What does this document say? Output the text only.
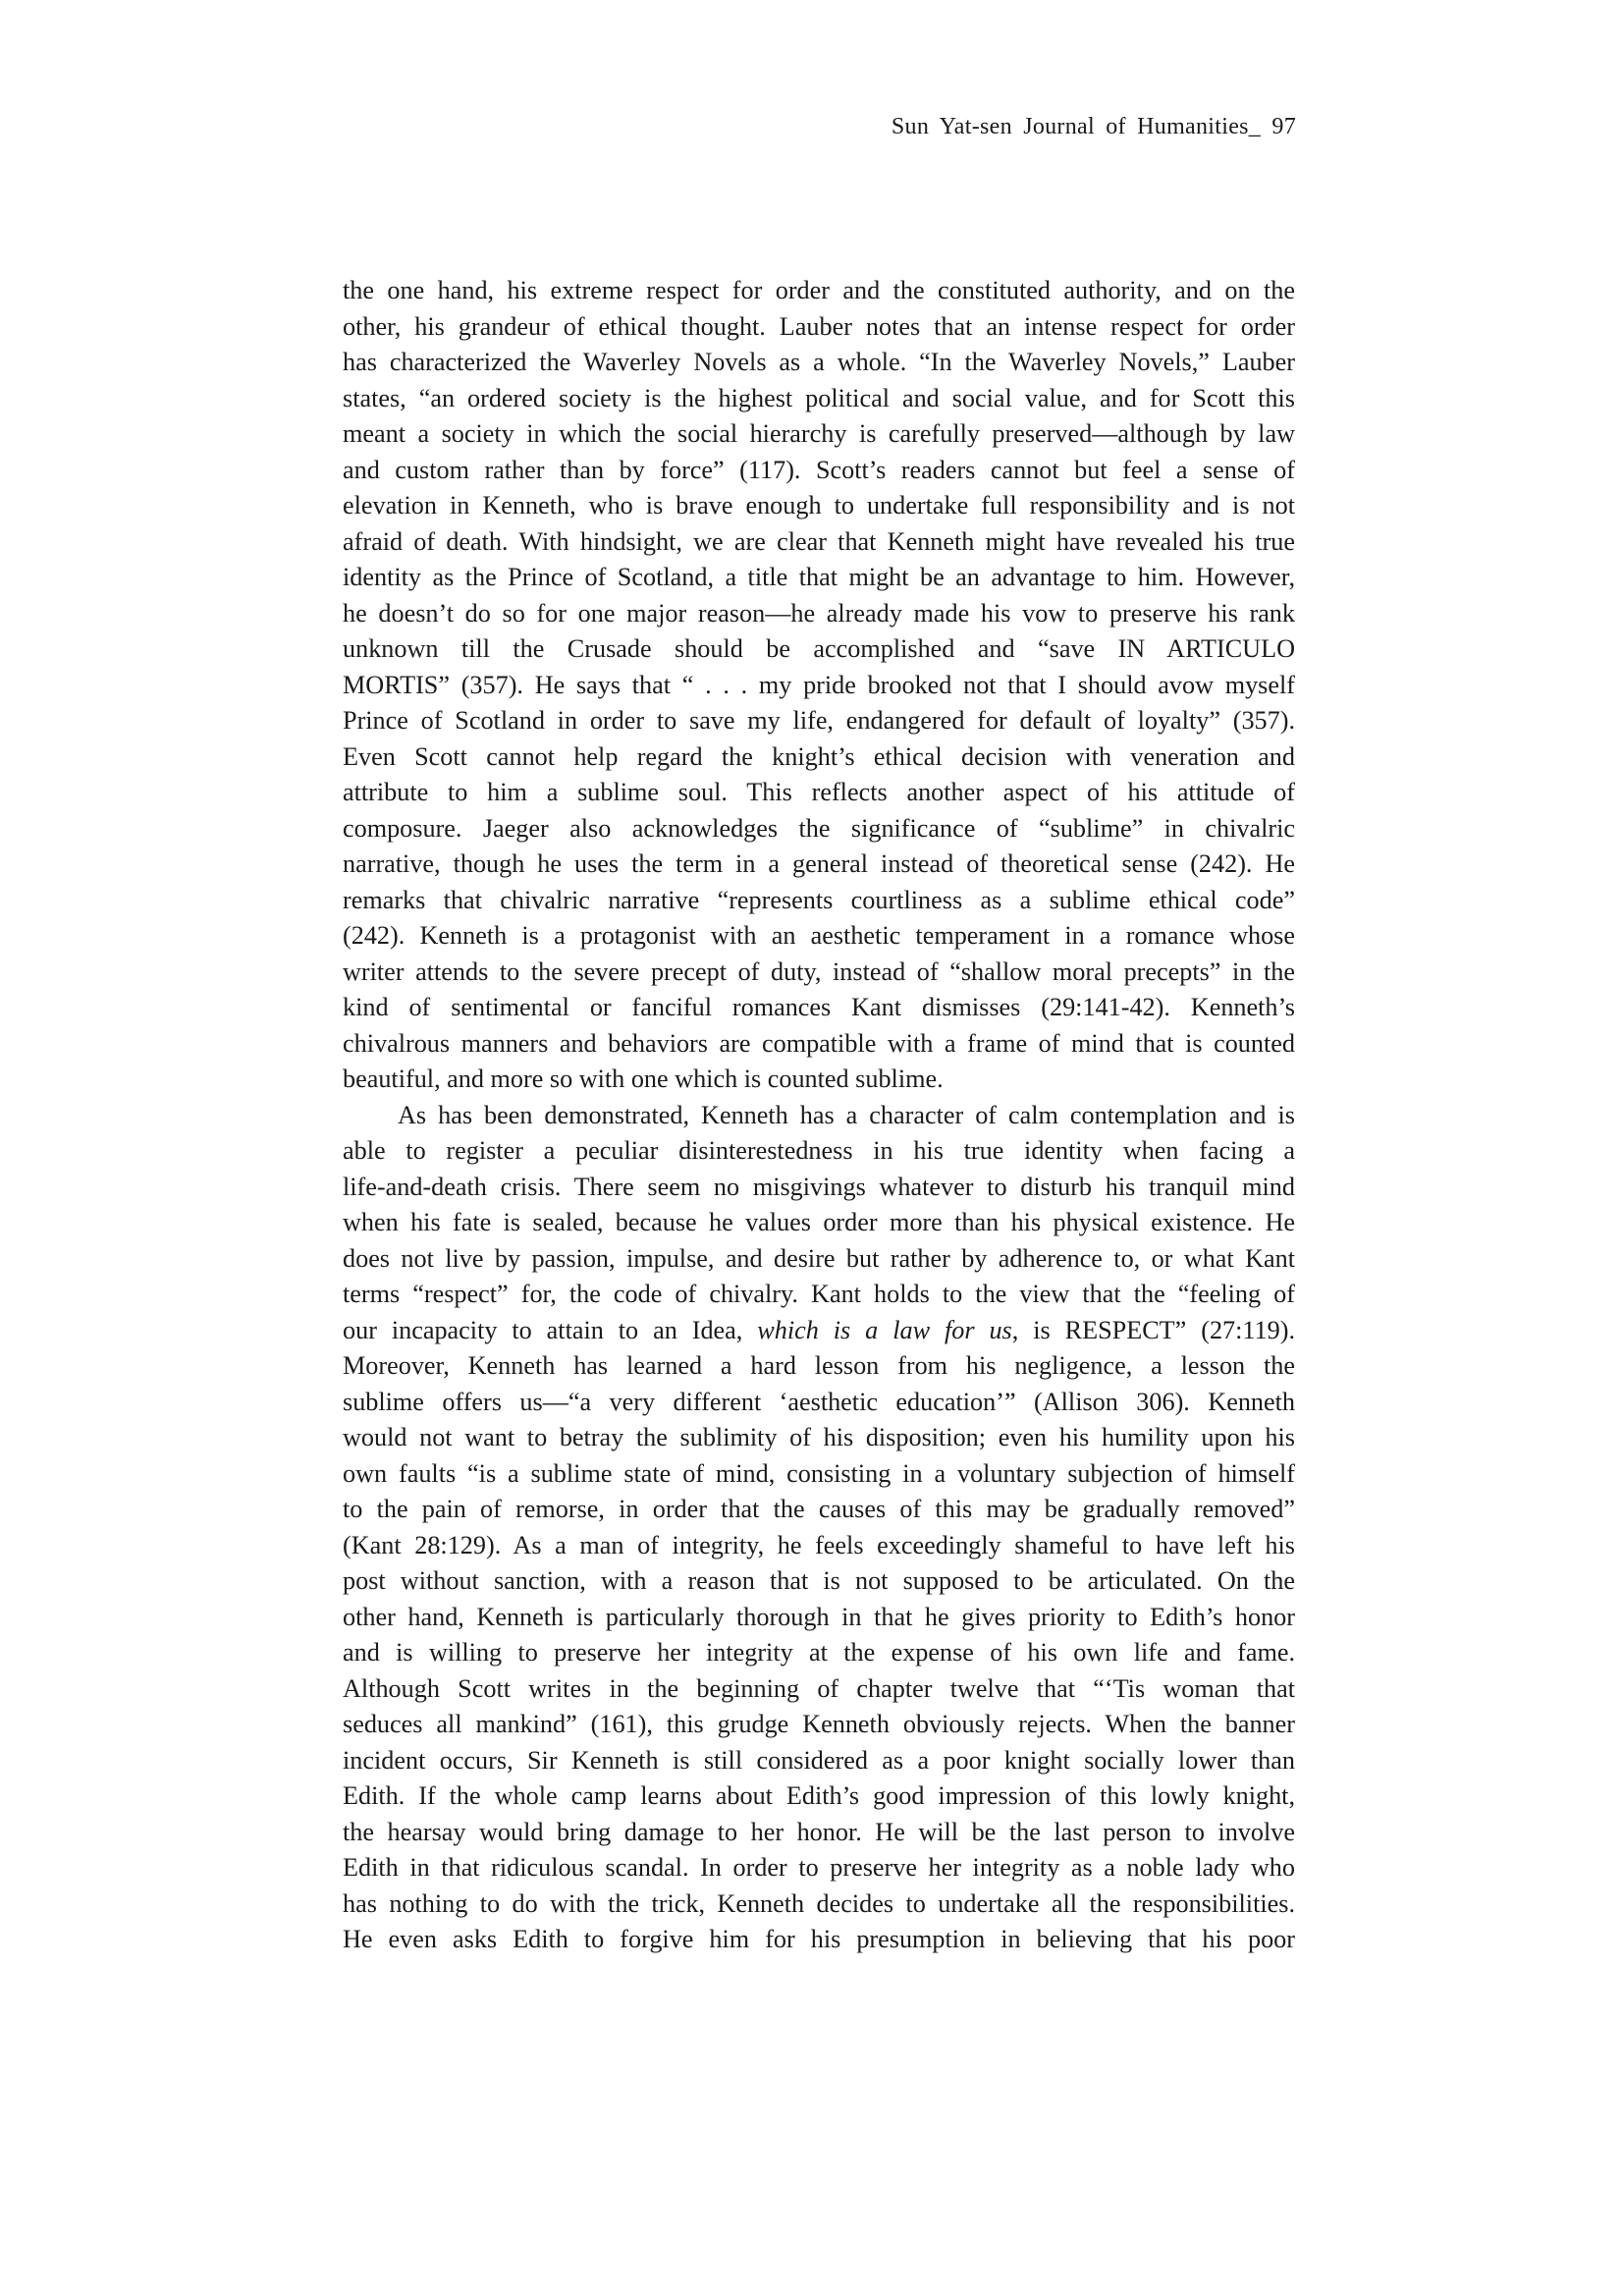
Sun Yat-sen Journal of Humanities_ 97

the one hand, his extreme respect for order and the constituted authority, and on the

other, his grandeur of ethical thought. Lauber notes that an intense respect for order

has characterized the Waverley Novels as a whole. “In the Waverley Novels,” Lauber

states, “an ordered society is the highest political and social value, and for Scott this

meant a society in which the social hierarchy is carefully preserved—although by law

and custom rather than by force” (117). Scott’s readers cannot but feel a sense of

elevation in Kenneth, who is brave enough to undertake full responsibility and is not

afraid of death. With hindsight, we are clear that Kenneth might have revealed his true

identity as the Prince of Scotland, a title that might be an advantage to him. However,

he doesn’t do so for one major reason—he already made his vow to preserve his rank

unknown till the Crusade should be accomplished and “save IN ARTICULO

MORTIS” (357). He says that “ . . . my pride brooked not that I should avow myself

Prince of Scotland in order to save my life, endangered for default of loyalty” (357).

Even Scott cannot help regard the knight’s ethical decision with veneration and

attribute to him a sublime soul. This reflects another aspect of his attitude of

composure. Jaeger also acknowledges the significance of “sublime” in chivalric

narrative, though he uses the term in a general instead of theoretical sense (242). He

remarks that chivalric narrative “represents courtliness as a sublime ethical code”

(242). Kenneth is a protagonist with an aesthetic temperament in a romance whose

writer attends to the severe precept of duty, instead of “shallow moral precepts” in the

kind of sentimental or fanciful romances Kant dismisses (29:141-42). Kenneth’s

chivalrous manners and behaviors are compatible with a frame of mind that is counted

beautiful, and more so with one which is counted sublime.

As has been demonstrated, Kenneth has a character of calm contemplation and is

able to register a peculiar disinterestedness in his true identity when facing a

life-and-death crisis. There seem no misgivings whatever to disturb his tranquil mind

when his fate is sealed, because he values order more than his physical existence. He

does not live by passion, impulse, and desire but rather by adherence to, or what Kant

terms “respect” for, the code of chivalry. Kant holds to the view that the “feeling of

our incapacity to attain to an Idea, which is a law for us, is RESPECT” (27:119).

Moreover, Kenneth has learned a hard lesson from his negligence, a lesson the

sublime offers us—“a very different ‘aesthetic education’” (Allison 306). Kenneth

would not want to betray the sublimity of his disposition; even his humility upon his

own faults “is a sublime state of mind, consisting in a voluntary subjection of himself

to the pain of remorse, in order that the causes of this may be gradually removed”

(Kant 28:129). As a man of integrity, he feels exceedingly shameful to have left his

post without sanction, with a reason that is not supposed to be articulated. On the

other hand, Kenneth is particularly thorough in that he gives priority to Edith’s honor

and is willing to preserve her integrity at the expense of his own life and fame.

Although Scott writes in the beginning of chapter twelve that “‘Tis woman that

seduces all mankind” (161), this grudge Kenneth obviously rejects. When the banner

incident occurs, Sir Kenneth is still considered as a poor knight socially lower than

Edith. If the whole camp learns about Edith’s good impression of this lowly knight,

the hearsay would bring damage to her honor. He will be the last person to involve

Edith in that ridiculous scandal. In order to preserve her integrity as a noble lady who

has nothing to do with the trick, Kenneth decides to undertake all the responsibilities.

He even asks Edith to forgive him for his presumption in believing that his poor
